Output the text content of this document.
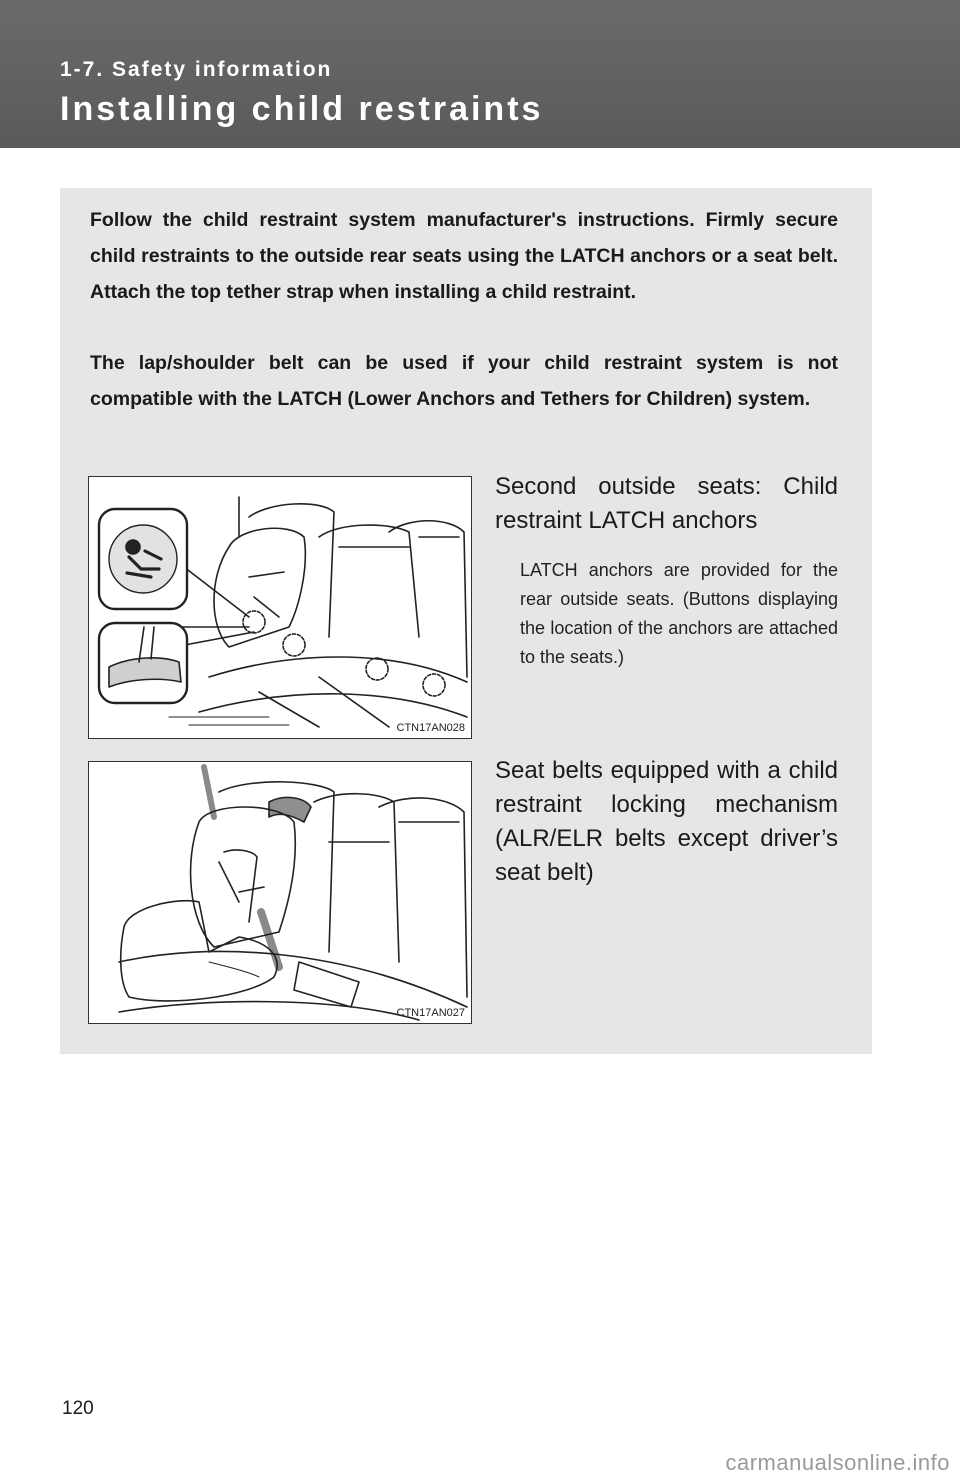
1-7. Safety information
Installing child restraints

Follow the child restraint system manufacturer's instructions. Firmly secure child restraints to the outside rear seats using the LATCH anchors or a seat belt. Attach the top tether strap when installing a child restraint.

The lap/shoulder belt can be used if your child restraint system is not compatible with the LATCH (Lower Anchors and Tethers for Children) system.

CTN17AN028
Second outside seats: Child restraint LATCH anchors

LATCH anchors are provided for the rear outside seats. (Buttons displaying the location of the anchors are attached to the seats.)

CTN17AN027
Seat belts equipped with a child restraint locking mechanism (ALR/ELR belts except driver’s seat belt)
120
carmanualsonline.info
